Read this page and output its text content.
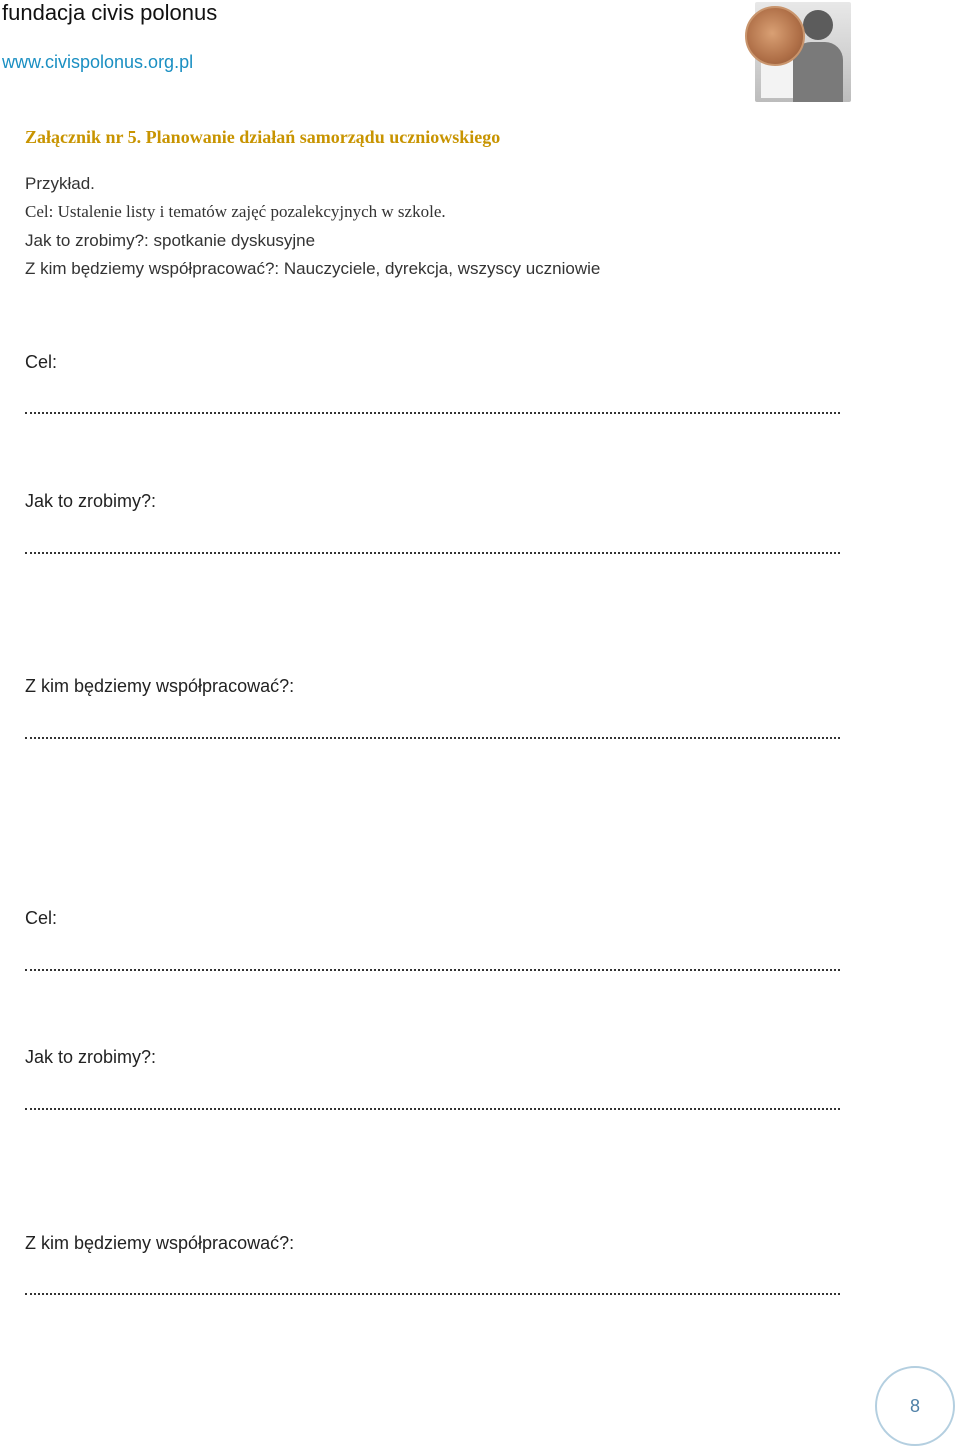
fundacja civis polonus
www.civispolonus.org.pl
Załącznik nr 5. Planowanie działań samorządu uczniowskiego
Przykład.
Cel: Ustalenie listy i tematów zajęć pozalekcyjnych w szkole.
Jak to zrobimy?: spotkanie dyskusyjne
Z kim będziemy współpracować?: Nauczyciele, dyrekcja, wszyscy uczniowie
Cel:
Jak to zrobimy?:
Z kim będziemy współpracować?:
Cel:
Jak to zrobimy?:
Z kim będziemy współpracować?:
8
